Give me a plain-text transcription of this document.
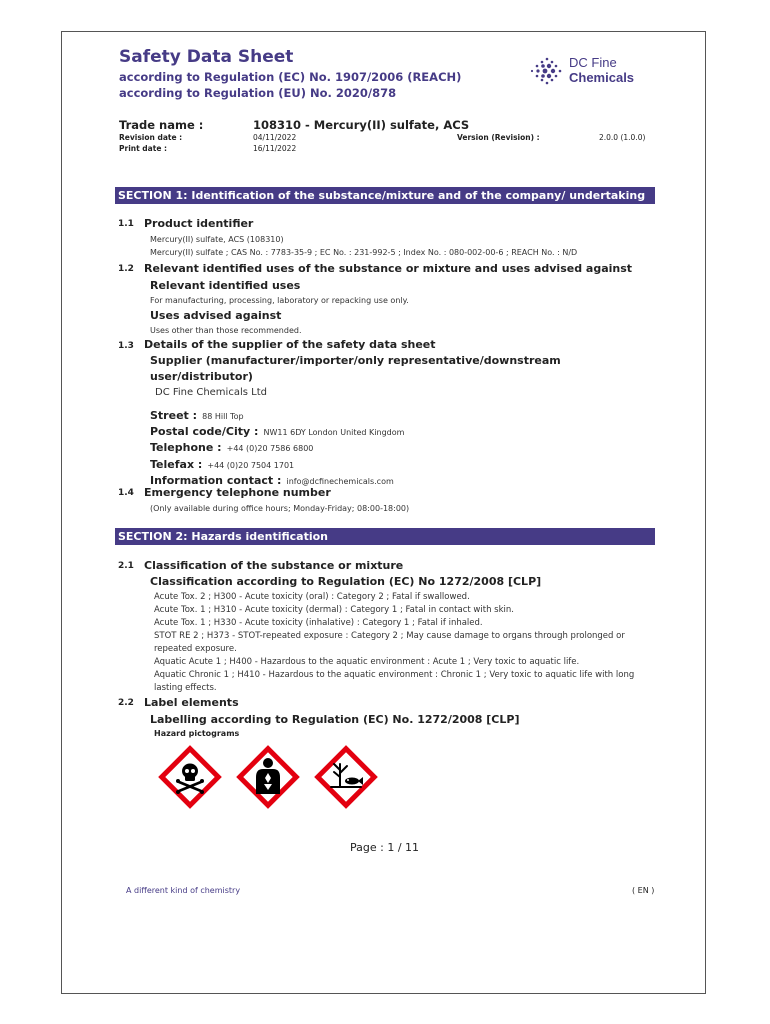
Safety Data Sheet
according to Regulation (EC) No. 1907/2006 (REACH)
according to Regulation (EU) No. 2020/878
DC Fine
Chemicals
Trade name :	108310 - Mercury(II) sulfate, ACS
Revision date :	04/11/2022
Print date :	16/11/2022
Version (Revision) :	2.0.0 (1.0.0)
SECTION 1: Identification of the substance/mixture and of the company/ undertaking
1.1 Product identifier
Mercury(II) sulfate, ACS (108310)
Mercury(II) sulfate ; CAS No. : 7783-35-9 ; EC No. : 231-992-5 ; Index No. : 080-002-00-6 ; REACH No. : N/D
1.2 Relevant identified uses of the substance or mixture and uses advised against
Relevant identified uses
For manufacturing, processing, laboratory or repacking use only.
Uses advised against
Uses other than those recommended.
1.3 Details of the supplier of the safety data sheet
Supplier (manufacturer/importer/only representative/downstream
user/distributor)
DC Fine Chemicals Ltd
Street : 88 Hill Top
Postal code/City : NW11 6DY London United Kingdom
Telephone : +44 (0)20 7586 6800
Telefax : +44 (0)20 7504 1701
Information contact : info@dcfinechemicals.com
1.4 Emergency telephone number
(Only available during office hours; Monday-Friday; 08:00-18:00)
SECTION 2: Hazards identification
2.1 Classification of the substance or mixture
Classification according to Regulation (EC) No 1272/2008 [CLP]
Acute Tox. 2 ; H300 - Acute toxicity (oral) : Category 2 ; Fatal if swallowed.
Acute Tox. 1 ; H310 - Acute toxicity (dermal) : Category 1 ; Fatal in contact with skin.
Acute Tox. 1 ; H330 - Acute toxicity (inhalative) : Category 1 ; Fatal if inhaled.
STOT RE 2 ; H373 - STOT-repeated exposure : Category 2 ; May cause damage to organs through prolonged or
repeated exposure.
Aquatic Acute 1 ; H400 - Hazardous to the aquatic environment : Acute 1 ; Very toxic to aquatic life.
Aquatic Chronic 1 ; H410 - Hazardous to the aquatic environment : Chronic 1 ; Very toxic to aquatic life with long
lasting effects.
2.2 Label elements
Labelling according to Regulation (EC) No. 1272/2008 [CLP]
Hazard pictograms
Page : 1 / 11
A different kind of chemistry	( EN )
